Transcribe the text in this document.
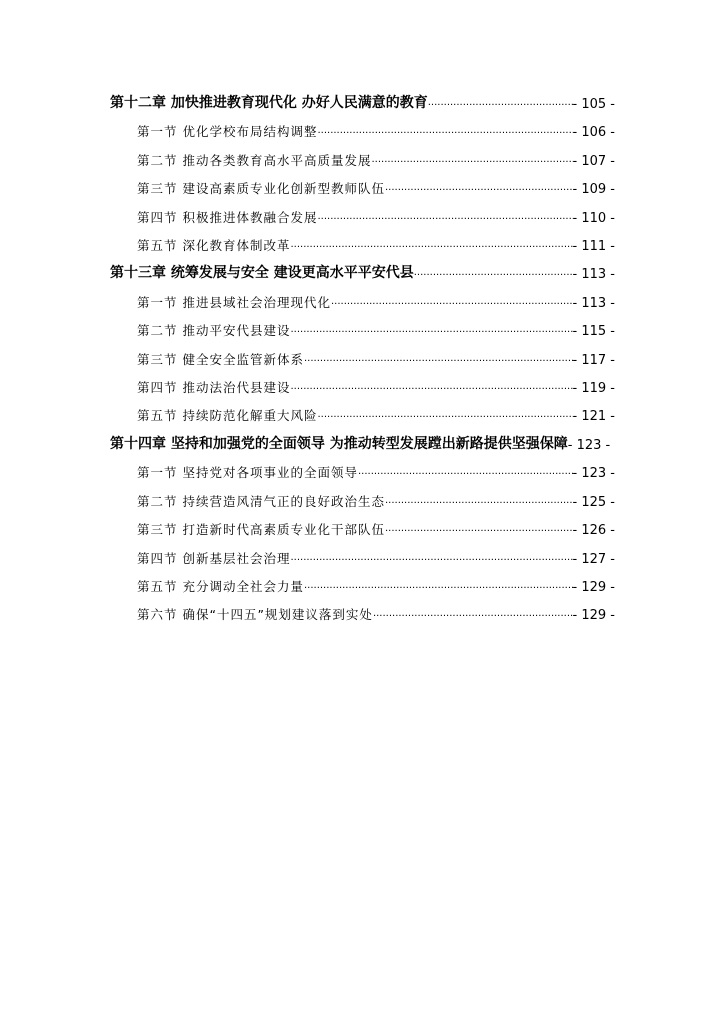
第十二章 加快推进教育现代化 办好人民满意的教育 .....	- 105 -
第一节 优化学校布局结构调整 .....	- 106 -
第二节 推动各类教育高水平高质量发展 .....	- 107 -
第三节 建设高素质专业化创新型教师队伍 .....	- 109 -
第四节 积极推进体教融合发展 .....	- 110 -
第五节 深化教育体制改革 .....	- 111 -
第十三章 统筹发展与安全 建设更高水平平安代县 .....	- 113 -
第一节 推进县域社会治理现代化 .....	- 113 -
第二节 推动平安代县建设 .....	- 115 -
第三节 健全安全监管新体系 .....	- 117 -
第四节 推动法治代县建设 .....	- 119 -
第五节 持续防范化解重大风险 .....	- 121 -
第十四章 坚持和加强党的全面领导 为推动转型发展蹚出新路提供坚强保障 - 123 -
第一节 坚持党对各项事业的全面领导 .....	- 123 -
第二节 持续营造风清气正的良好政治生态 .....	- 125 -
第三节 打造新时代高素质专业化干部队伍 .....	- 126 -
第四节 创新基层社会治理 .....	- 127 -
第五节 充分调动全社会力量 .....	- 129 -
第六节 确保“十四五”规划建议落到实处 .....	- 129 -
